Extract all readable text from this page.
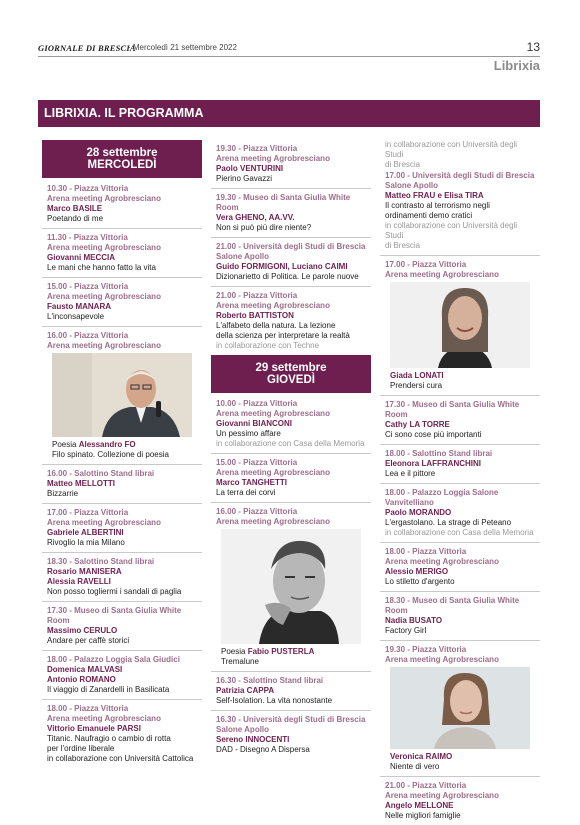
GIORNALE DI BRESCIA
· Mercoledì 21 settembre 2022	13
Librixia
LIBRIXIA. IL PROGRAMMA
28 settembre
MERCOLEDÌ
10.30 - Piazza Vittoria
Arena meeting Agrobresciano
Marco BASILE
Poetando di me
11.30 - Piazza Vittoria
Arena meeting Agrobresciano
Giovanni MECCIA
Le mani che hanno fatto la vita
15.00 - Piazza Vittoria
Arena meeting Agrobresciano
Fausto MANARA
L'inconsapevole
16.00 - Piazza Vittoria
Arena meeting Agrobresciano
Poesia Alessandro FO
Filo spinato. Collezione di poesia
16.00 - Salottino Stand librai
Matteo MELLOTTI
Bizzarrie
17.00 - Piazza Vittoria
Arena meeting Agrobresciano
Gabriele ALBERTINI
Rivoglio la mia Milano
18.30 - Salottino Stand librai
Rosario MANISERA
Alessia RAVELLI
Non posso togliermi i sandali di paglia
17.30 - Museo di Santa Giulia White
Room
Massimo CERULO
Andare per caffè storici
18.00 - Palazzo Loggia Sala Giudici
Domenica MALVASI
Antonio ROMANO
Il viaggio di Zanardelli in Basilicata
18.00 - Piazza Vittoria
Arena meeting Agrobresciano
Vittorio Emanuele PARSI
Titanic. Naufragio o cambio di rotta
per l'ordine liberale
in collaborazione con Università Cattolica
19.30 - Piazza Vittoria
Arena meeting Agrobresciano
Paolo VENTURINI
Pierino Gavazzi
19.30 - Museo di Santa Giulia White Room
Vera GHENO, AA.VV.
Non si può più dire niente?
21.00 - Università degli Studi di Brescia
Salone Apollo
Guido FORMIGONI, Luciano CAIMI
Dizionarietto di Politica. Le parole nuove
21.00 - Piazza Vittoria
Arena meeting Agrobresciano
Roberto BATTISTON
L'alfabeto della natura. La lezione
della scienza per interpretare la realtà
in collaborazione con Techne
29 settembre
GIOVEDÌ
10.00 - Piazza Vittoria
Arena meeting Agrobresciano
Giovanni BIANCONI
Un pessimo affare
in collaborazione con Casa della Memoria
15.00 - Piazza Vittoria
Arena meeting Agrobresciano
Marco TANGHETTI
La terra dei corvi
16.00 - Piazza Vittoria
Arena meeting Agrobresciano
Poesia Fabio PUSTERLA
Tremalune
16.30 - Salottino Stand librai
Patrizia CAPPA
Self-Isolation. La vita nonostante
16.30 - Università degli Studi di Brescia
Salone Apollo
Sereno INNOCENTI
DAD - Disegno A Dispersa
in collaborazione con Università degli Studi
di Brescia
17.00 - Università degli Studi di Brescia
Salone Apollo
Matteo FRAU e Elisa TIRA
Il contrasto al terrorismo negli
ordinamenti demo cratici
in collaborazione con Università degli Studi
di Brescia
17.00 - Piazza Vittoria
Arena meeting Agrobresciano
Giada LONATI
Prendersi cura
17.30 - Museo di Santa Giulia White Room
Cathy LA TORRE
Ci sono cose più importanti
18.00 - Salottino Stand librai
Eleonora LAFFRANCHINI
Lea e il pittore
18.00 - Palazzo Loggia Salone Vanvitelliano
Paolo MORANDO
L'ergastolano. La strage di Peteano
in collaborazione con Casa della Memoria
18.00 - Piazza Vittoria
Arena meeting Agrobresciano
Alessio MERIGO
Lo stiletto d'argento
18.30 - Museo di Santa Giulia White Room
Nadia BUSATO
Factory Girl
19.30 - Piazza Vittoria
Arena meeting Agrobresciano
Veronica RAIMO
Niente di vero
21.00 - Piazza Vittoria
Arena meeting Agrobresciano
Angelo MELLONE
Nelle migliori famiglie
